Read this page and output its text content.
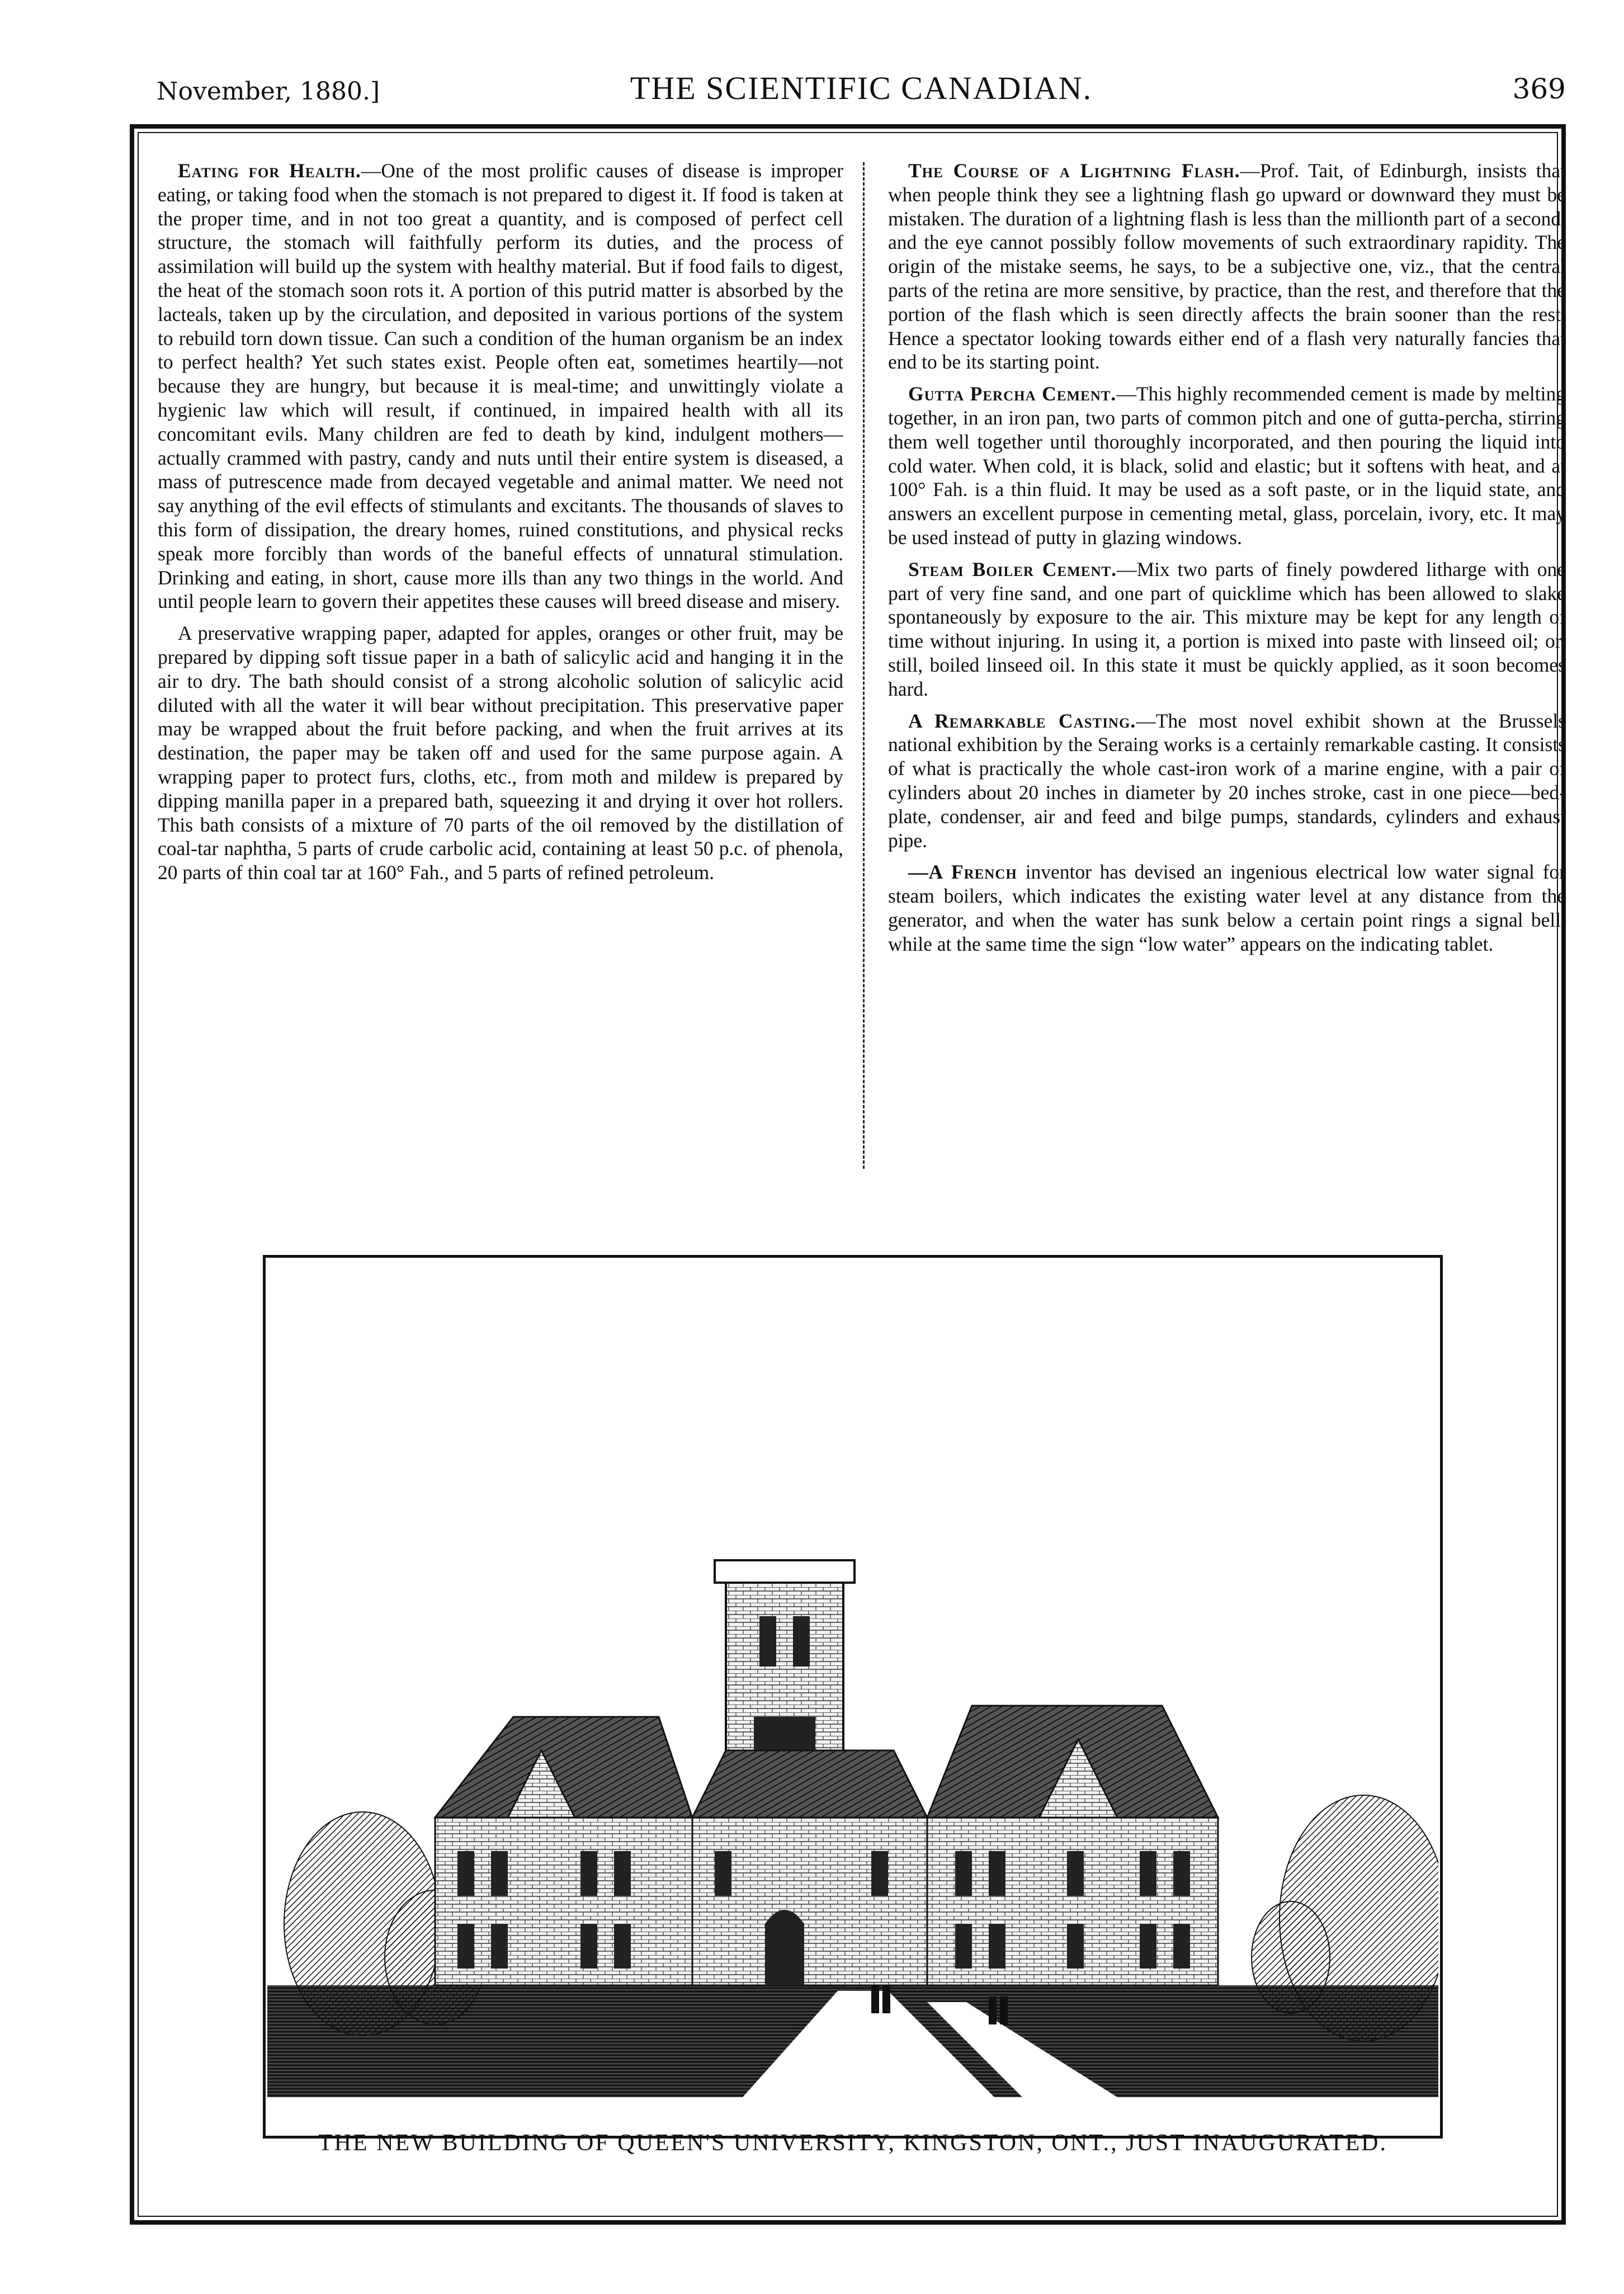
November, 1880.]	THE SCIENTIFIC CANADIAN.	369

Eating for Health.—One of the most prolific causes of disease is improper eating, or taking food when the stomach is not prepared to digest it. If food is taken at the proper time, and in not too great a quantity, and is composed of perfect cell structure, the stomach will faithfully perform its duties, and the process of assimilation will build up the system with healthy material. But if food fails to digest, the heat of the stomach soon rots it. A portion of this putrid matter is absorbed by the lacteals, taken up by the circulation, and deposited in various portions of the system to rebuild torn down tissue. Can such a condition of the human organism be an index to perfect health? Yet such states exist. People often eat, sometimes heartily—not because they are hungry, but because it is meal-time; and unwittingly violate a hygienic law which will result, if continued, in impaired health with all its concomitant evils. Many children are fed to death by kind, indulgent mothers—actually crammed with pastry, candy and nuts until their entire system is diseased, a mass of putrescence made from decayed vegetable and animal matter. We need not say anything of the evil effects of stimulants and excitants. The thousands of slaves to this form of dissipation, the dreary homes, ruined constitutions, and physical recks speak more forcibly than words of the baneful effects of unnatural stimulation. Drinking and eating, in short, cause more ills than any two things in the world. And until people learn to govern their appetites these causes will breed disease and misery.

A preservative wrapping paper, adapted for apples, oranges or other fruit, may be prepared by dipping soft tissue paper in a bath of salicylic acid and hanging it in the air to dry. The bath should consist of a strong alcoholic solution of salicylic acid diluted with all the water it will bear without precipitation. This preservative paper may be wrapped about the fruit before packing, and when the fruit arrives at its destination, the paper may be taken off and used for the same purpose again. A wrapping paper to protect furs, cloths, etc., from moth and mildew is prepared by dipping manilla paper in a prepared bath, squeezing it and drying it over hot rollers. This bath consists of a mixture of 70 parts of the oil removed by the distillation of coal-tar naphtha, 5 parts of crude carbolic acid, containing at least 50 p.c. of phenola, 20 parts of thin coal tar at 160° Fah., and 5 parts of refined petroleum.

The Course of a Lightning Flash.—Prof. Tait, of Edinburgh, insists that when people think they see a lightning flash go upward or downward they must be mistaken. The duration of a lightning flash is less than the millionth part of a second, and the eye cannot possibly follow movements of such extraordinary rapidity. The origin of the mistake seems, he says, to be a subjective one, viz., that the central parts of the retina are more sensitive, by practice, than the rest, and therefore that the portion of the flash which is seen directly affects the brain sooner than the rest. Hence a spectator looking towards either end of a flash very naturally fancies that end to be its starting point.

Gutta Percha Cement.—This highly recommended cement is made by melting together, in an iron pan, two parts of common pitch and one of gutta-percha, stirring them well together until thoroughly incorporated, and then pouring the liquid into cold water. When cold, it is black, solid and elastic; but it softens with heat, and at 100° Fah. is a thin fluid. It may be used as a soft paste, or in the liquid state, and answers an excellent purpose in cementing metal, glass, porcelain, ivory, etc. It may be used instead of putty in glazing windows.

Steam Boiler Cement.—Mix two parts of finely powdered litharge with one part of very fine sand, and one part of quicklime which has been allowed to slake spontaneously by exposure to the air. This mixture may be kept for any length of time without injuring. In using it, a portion is mixed into paste with linseed oil; or, still, boiled linseed oil. In this state it must be quickly applied, as it soon becomes hard.

A Remarkable Casting.—The most novel exhibit shown at the Brussels national exhibition by the Seraing works is a certainly remarkable casting. It consists of what is practically the whole cast-iron work of a marine engine, with a pair of cylinders about 20 inches in diameter by 20 inches stroke, cast in one piece—bed-plate, condenser, air and feed and bilge pumps, standards, cylinders and exhaust pipe.

—A French inventor has devised an ingenious electrical low water signal for steam boilers, which indicates the existing water level at any distance from the generator, and when the water has sunk below a certain point rings a signal bell, while at the same time the sign “low water” appears on the indicating tablet.

THE NEW BUILDING OF QUEEN'S UNIVERSITY, KINGSTON, ONT., JUST INAUGURATED.
